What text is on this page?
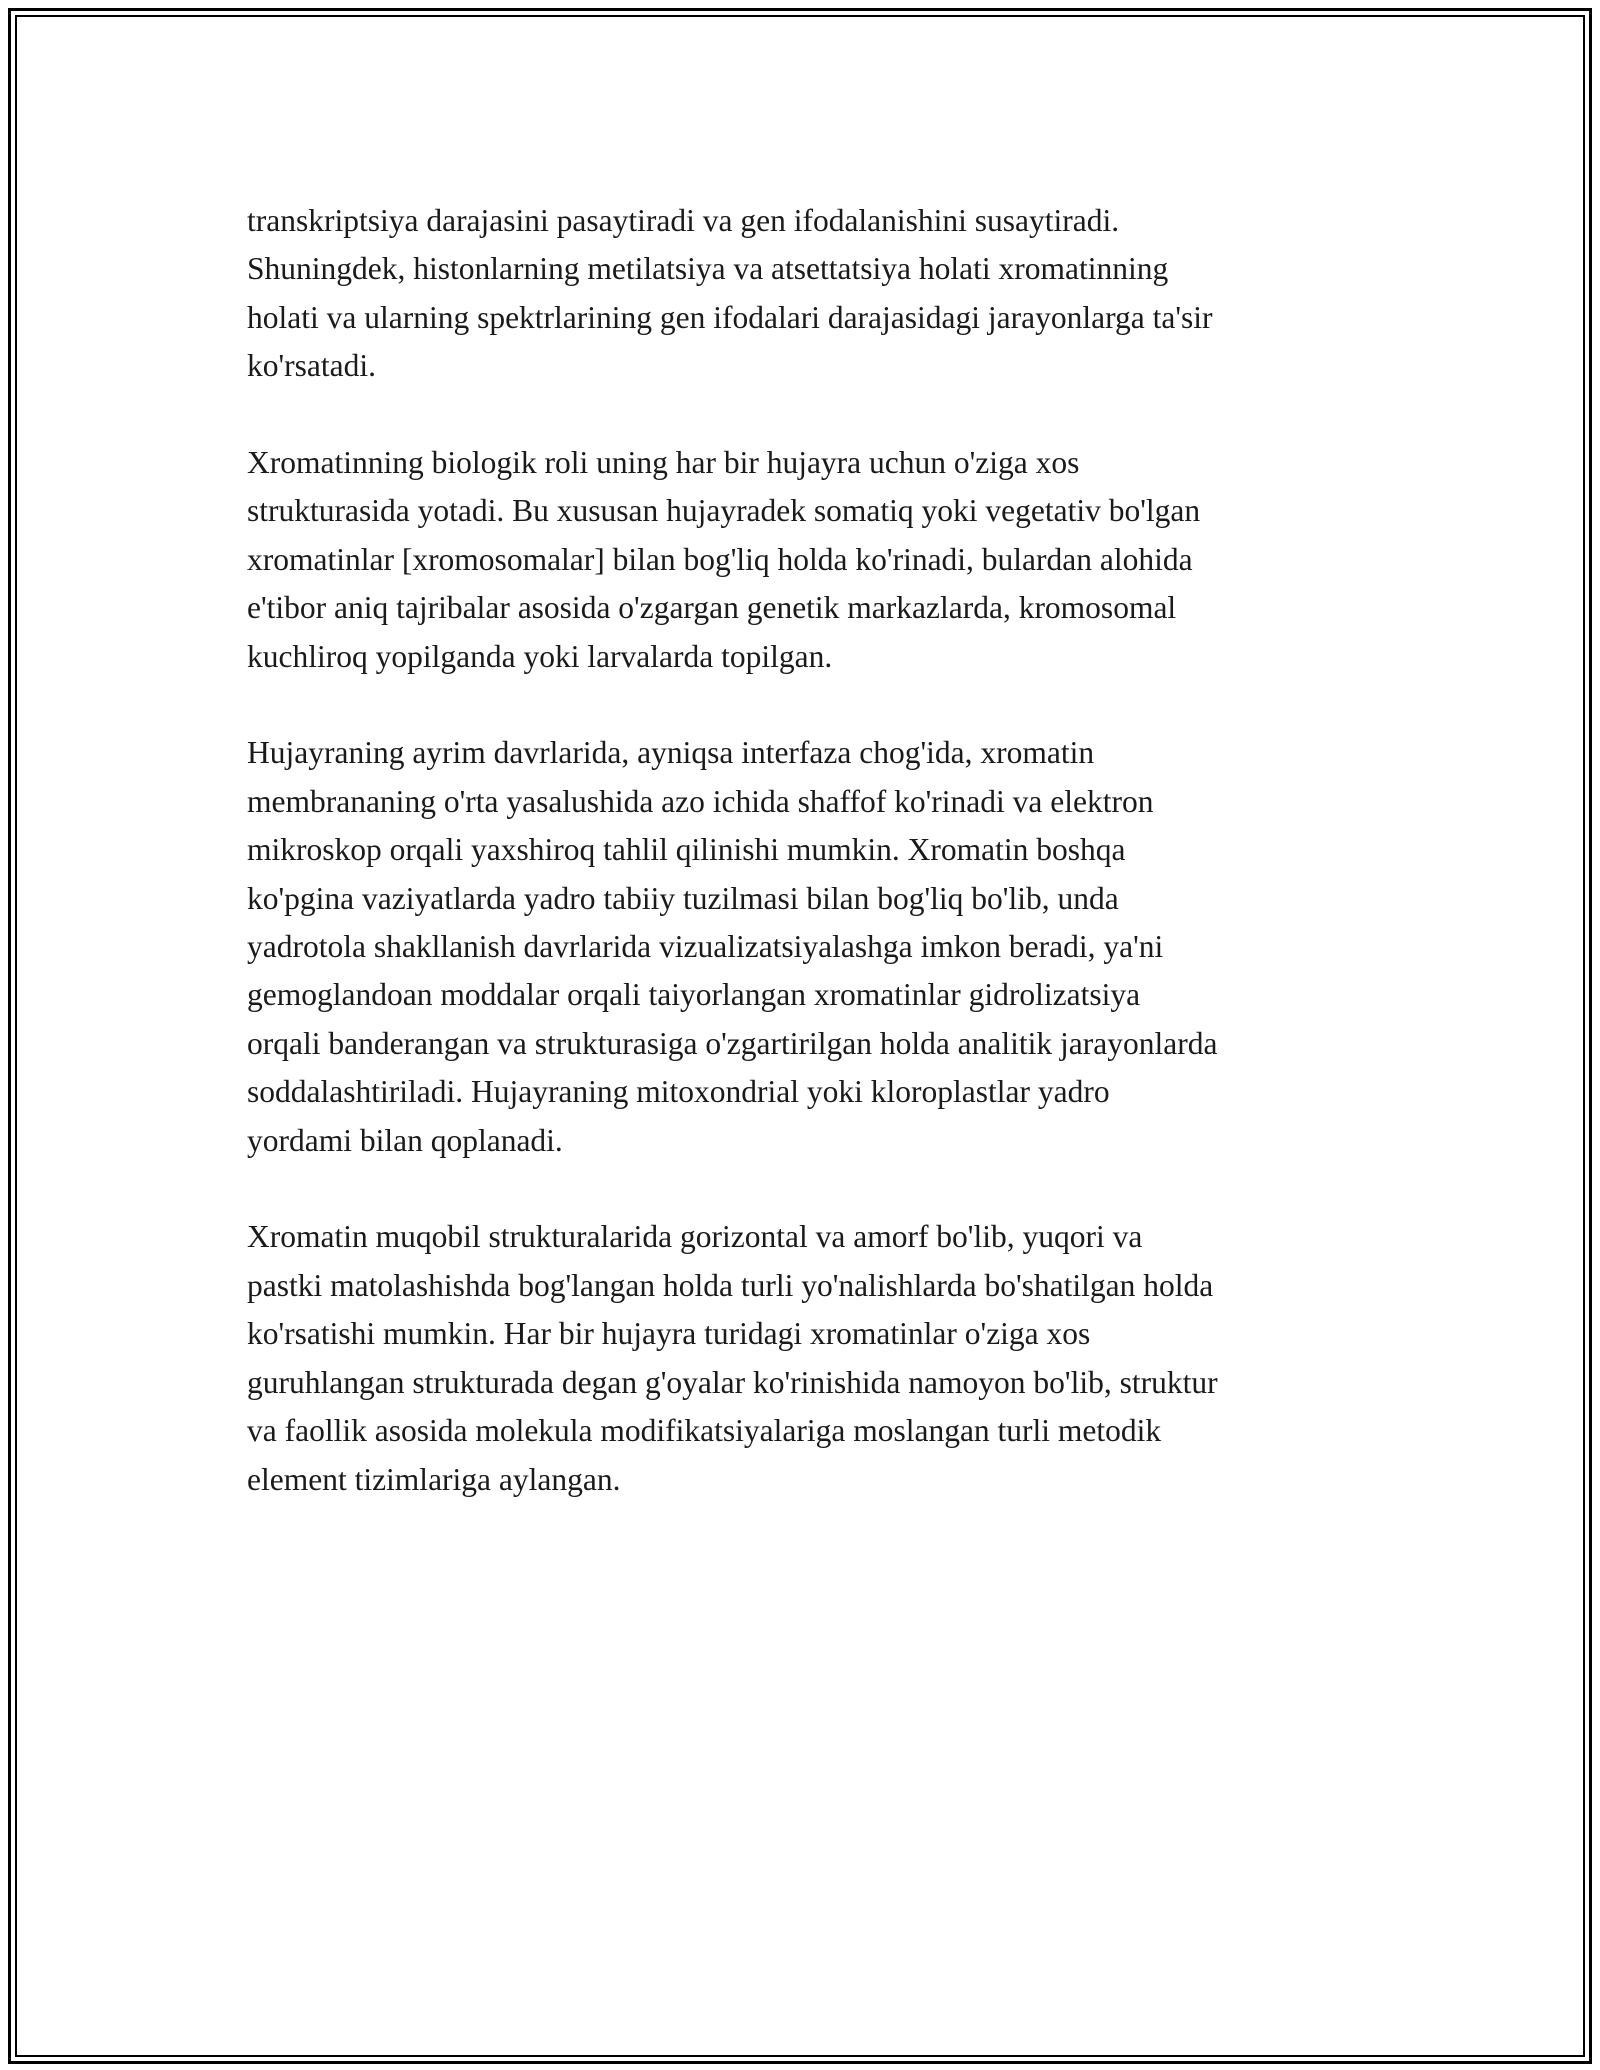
transkriptsiya darajasini pasaytiradi va gen ifodalanishini susaytiradi.
Shuningdek, histonlarning metilatsiya va atsettatsiya holati xromatinning
holati va ularning spektrlarining gen ifodalari darajasidagi jarayonlarga ta'sir
ko'rsatadi.

Xromatinning biologik roli uning har bir hujayra uchun o'ziga xos
strukturasida yotadi. Bu xususan hujayradek somatiq yoki vegetativ bo'lgan
xromatinlar [xromosomalar] bilan bog'liq holda ko'rinadi, bulardan alohida
e'tibor aniq tajribalar asosida o'zgargan genetik markazlarda, kromosomal
kuchliroq yopilganda yoki larvalarda topilgan.

Hujayraning ayrim davrlarida, ayniqsa interfaza chog'ida, xromatin
membrananing o'rta yasalushida azo ichida shaffof ko'rinadi va elektron
mikroskop orqali yaxshiroq tahlil qilinishi mumkin. Xromatin boshqa
ko'pgina vaziyatlarda yadro tabiiy tuzilmasi bilan bog'liq bo'lib, unda
yadrotola shakllanish davrlarida vizualizatsiyalashga imkon beradi, ya'ni
gemoglandoan moddalar orqali taiyorlangan xromatinlar gidrolizatsiya
orqali banderangan va strukturasiga o'zgartirilgan holda analitik jarayonlarda
soddalashtiriladi. Hujayraning mitoxondrial yoki kloroplastlar yadro
yordami bilan qoplanadi.

Xromatin muqobil strukturalarida gorizontal va amorf bo'lib, yuqori va
pastki matolashishda bog'langan holda turli yo'nalishlarda bo'shatilgan holda
ko'rsatishi mumkin. Har bir hujayra turidagi xromatinlar o'ziga xos
guruhlangan strukturada degan g'oyalar ko'rinishida namoyon bo'lib, struktur
va faollik asosida molekula modifikatsiyalariga moslangan turli metodik
element tizimlariga aylangan.
